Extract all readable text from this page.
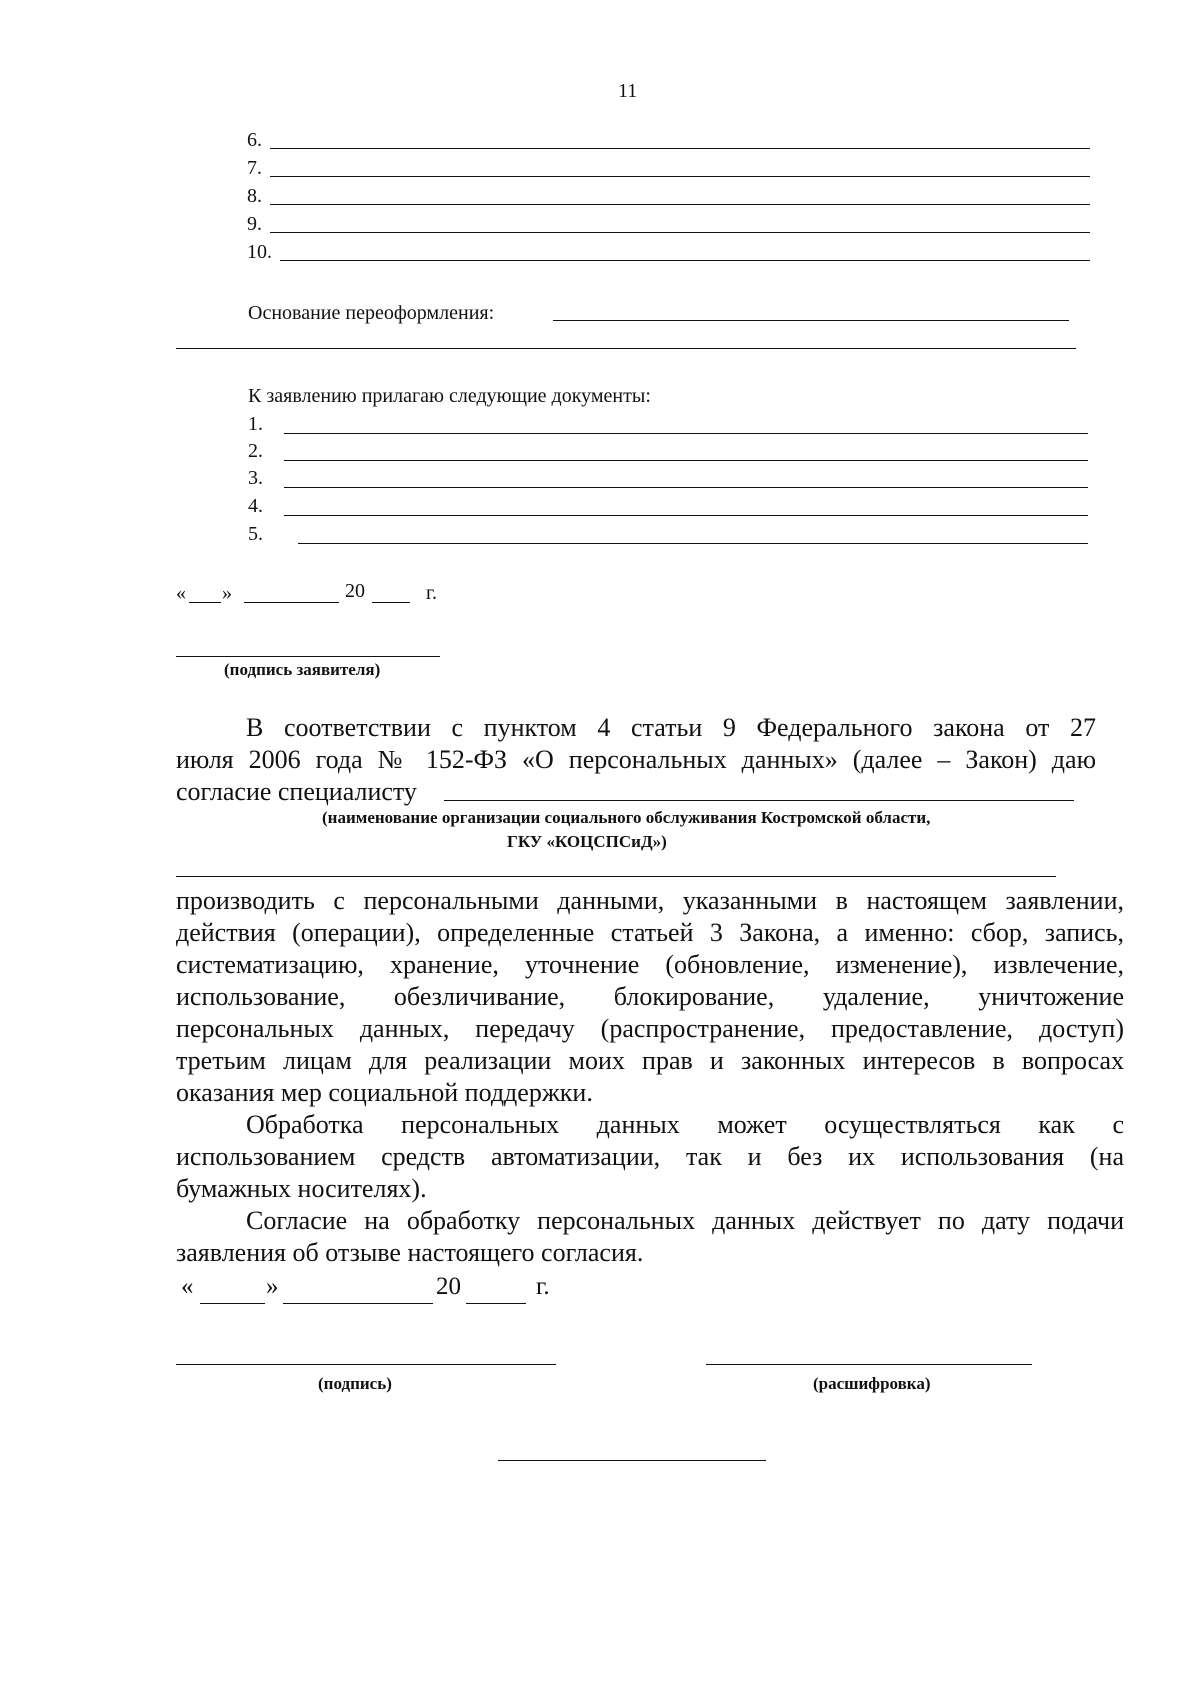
11
6.
7.
8.
9.
10.
Основание переоформления:
К заявлению прилагаю следующие документы:
1.
2.
3.
4.
5.
« »	20	г.
(подпись заявителя)
В соответствии с пунктом 4 статьи 9 Федерального закона от 27
июля 2006 года № 152-ФЗ «О персональных данных» (далее – Закон) даю
согласие специалисту
(наименование организации социального обслуживания Костромской области,
ГКУ «КОЦСПСиД»)
производить с персональными данными, указанными в настоящем заявлении,
действия (операции), определенные статьей 3 Закона, а именно: сбор, запись,
систематизацию, хранение, уточнение (обновление, изменение), извлечение,
использование, обезличивание, блокирование, удаление, уничтожение
персональных данных, передачу (распространение, предоставление, доступ)
третьим лицам для реализации моих прав и законных интересов в вопросах
оказания мер социальной поддержки.
Обработка персональных данных может осуществляться как с
использованием средств автоматизации, так и без их использования (на
бумажных носителях).
Согласие на обработку персональных данных действует по дату подачи
заявления об отзыве настоящего согласия.
«	»	20	г.
(подпись)	(расшифровка)
